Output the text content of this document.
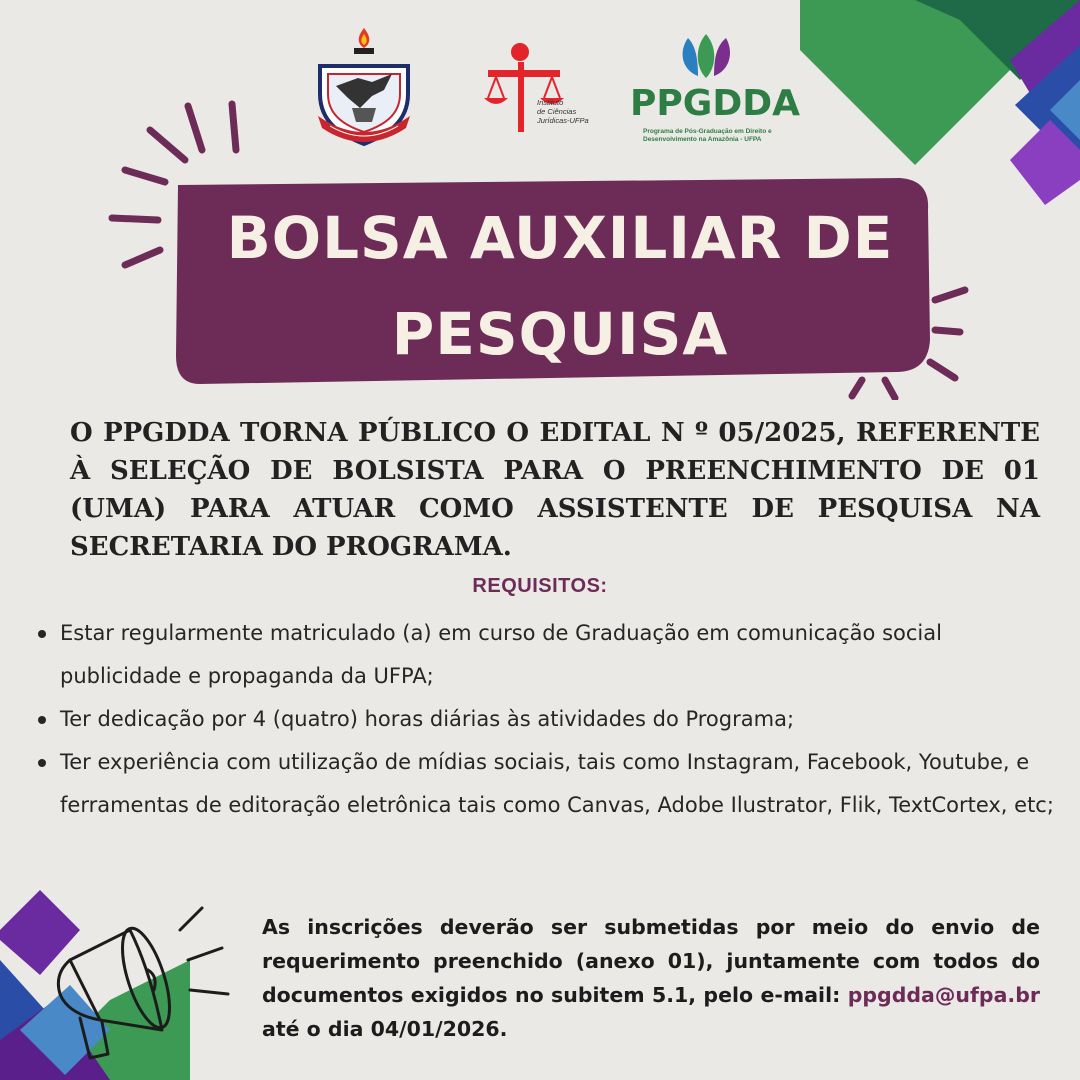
Instituto
de Ciências
Jurídicas-UFPa	PPGDDA
Programa de Pós-Graduação em Direito e
Desenvolvimento na Amazônia - UFPA
BOLSA AUXILIAR DE
PESQUISA
O PPGDDA TORNA PÚBLICO O EDITAL N º 05/2025, REFERENTE À SELEÇÃO DE BOLSISTA PARA O PREENCHIMENTO DE 01 (UMA) PARA ATUAR COMO ASSISTENTE DE PESQUISA NA SECRETARIA DO PROGRAMA.
REQUISITOS:
Estar regularmente matriculado (a) em curso de Graduação em comunicação social publicidade e propaganda da UFPA;
Ter dedicação por 4 (quatro) horas diárias às atividades do Programa;
Ter experiência com utilização de mídias sociais, tais como Instagram, Facebook, Youtube, e ferramentas de editoração eletrônica tais como Canvas, Adobe Ilustrator, Flik, TextCortex, etc;
As inscrições deverão ser submetidas por meio do envio de requerimento preenchido (anexo 01), juntamente com todos do documentos exigidos no subitem 5.1, pelo e-mail: ppgdda@ufpa.br até o dia 04/01/2026.
